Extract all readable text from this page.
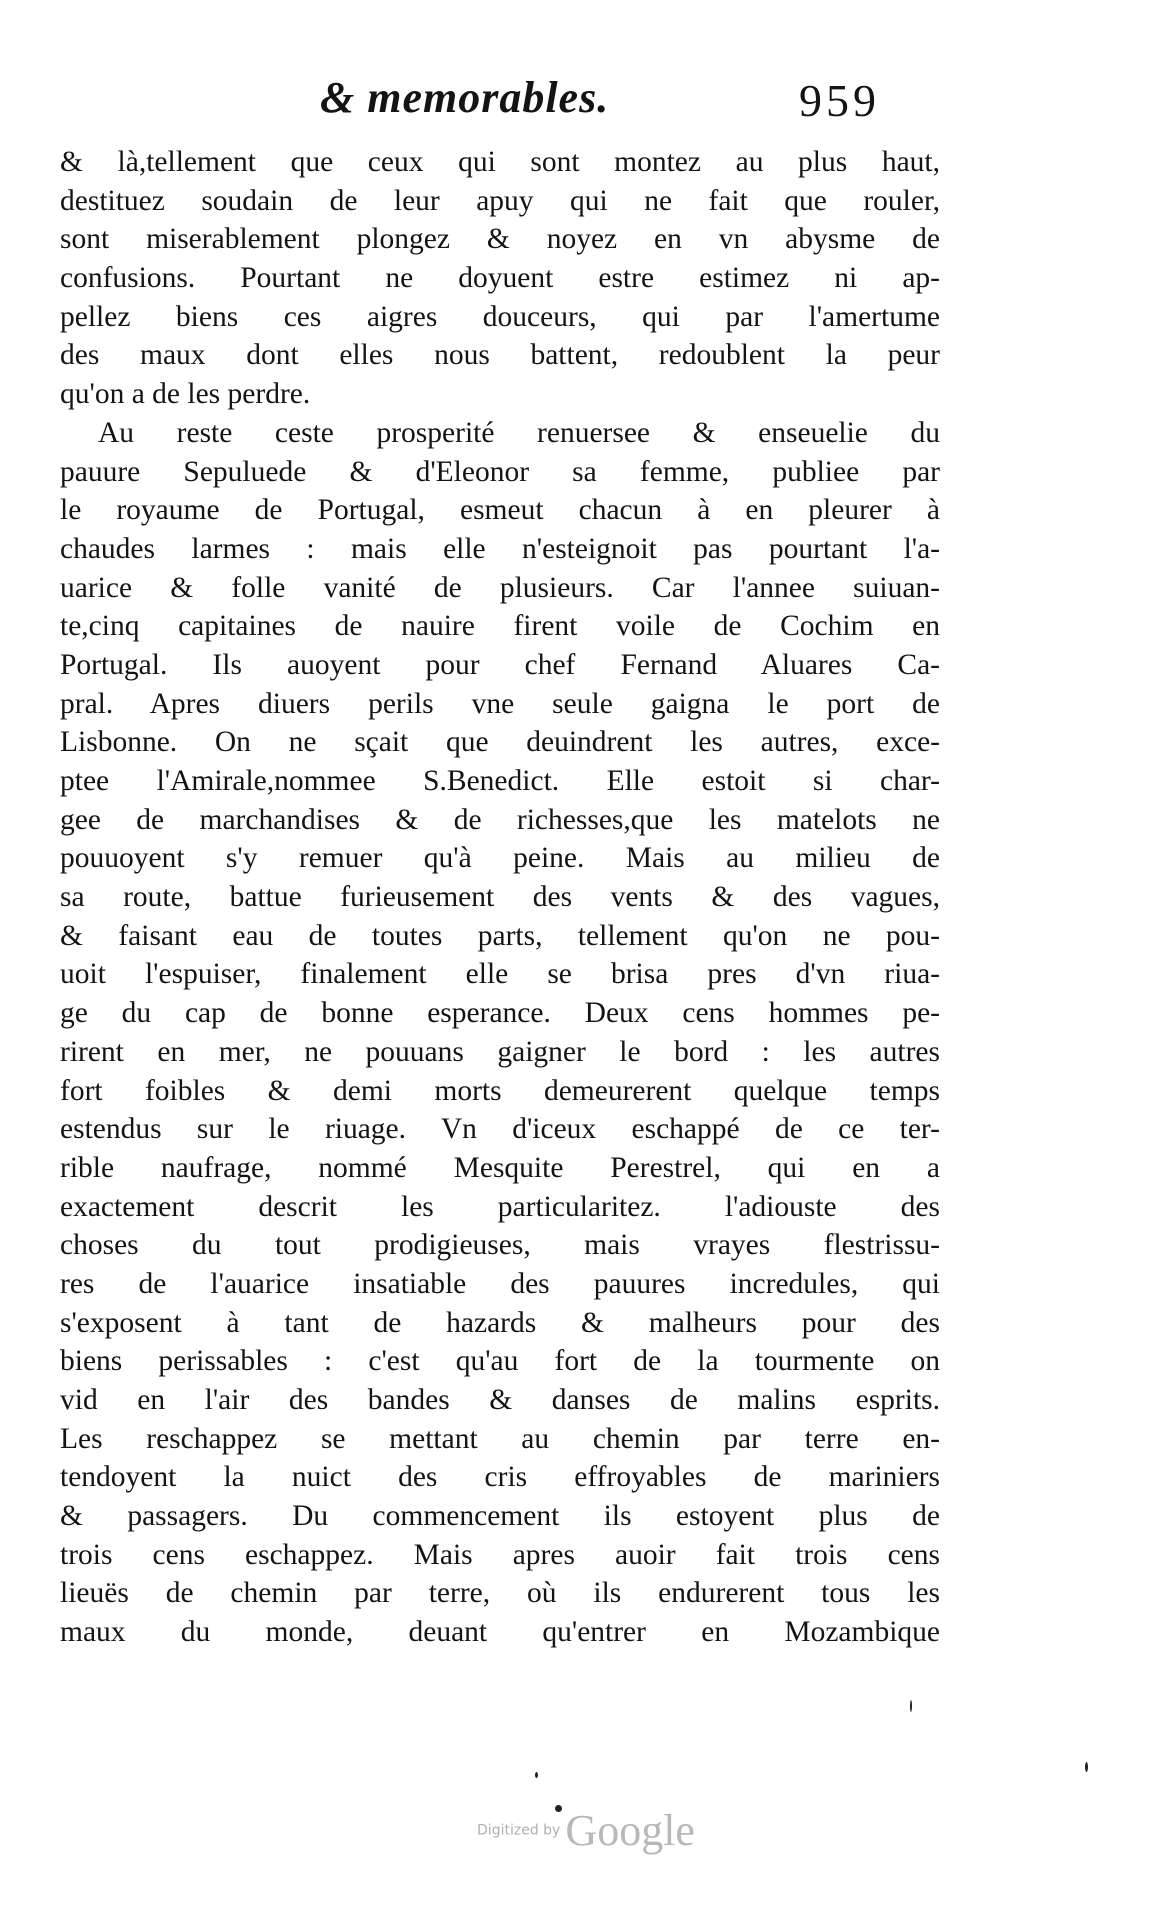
& memorables.	959
& là,tellement que ceux qui sont montez au plus haut,
destituez soudain de leur apuy qui ne fait que rouler,
sont miserablement plongez & noyez en vn abysme de
confusions. Pourtant ne doyuent estre estimez ni ap-
pellez biens ces aigres douceurs, qui par l'amertume
des maux dont elles nous battent, redoublent la peur
qu'on a de les perdre.
Au reste ceste prosperité renuersee & enseuelie du
pauure Sepuluede & d'Eleonor sa femme, publiee par
le royaume de Portugal, esmeut chacun à en pleurer à
chaudes larmes : mais elle n'esteignoit pas pourtant l'a-
uarice & folle vanité de plusieurs. Car l'annee suiuan-
te,cinq capitaines de nauire firent voile de Cochim en
Portugal. Ils auoyent pour chef Fernand Aluares Ca-
pral. Apres diuers perils vne seule gaigna le port de
Lisbonne. On ne sçait que deuindrent les autres, exce-
ptee l'Amirale,nommee S.Benedict. Elle estoit si char-
gee de marchandises & de richesses,que les matelots ne
pouuoyent s'y remuer qu'à peine. Mais au milieu de
sa route, battue furieusement des vents & des vagues,
& faisant eau de toutes parts, tellement qu'on ne pou-
uoit l'espuiser, finalement elle se brisa pres d'vn riua-
ge du cap de bonne esperance. Deux cens hommes pe-
rirent en mer, ne pouuans gaigner le bord : les autres
fort foibles & demi morts demeurerent quelque temps
estendus sur le riuage. Vn d'iceux eschappé de ce ter-
rible naufrage, nommé Mesquite Perestrel, qui en a
exactement descrit les particularitez. l'adiouste des
choses du tout prodigieuses, mais vrayes flestrissu-
res de l'auarice insatiable des pauures incredules, qui
s'exposent à tant de hazards & malheurs pour des
biens perissables : c'est qu'au fort de la tourmente on
vid en l'air des bandes & danses de malins esprits.
Les reschappez se mettant au chemin par terre en-
tendoyent la nuict des cris effroyables de mariniers
& passagers. Du commencement ils estoyent plus de
trois cens eschappez. Mais apres auoir fait trois cens
lieuës de chemin par terre, où ils endurerent tous les
maux du monde, deuant qu'entrer en Mozambique
Digitized by Google
